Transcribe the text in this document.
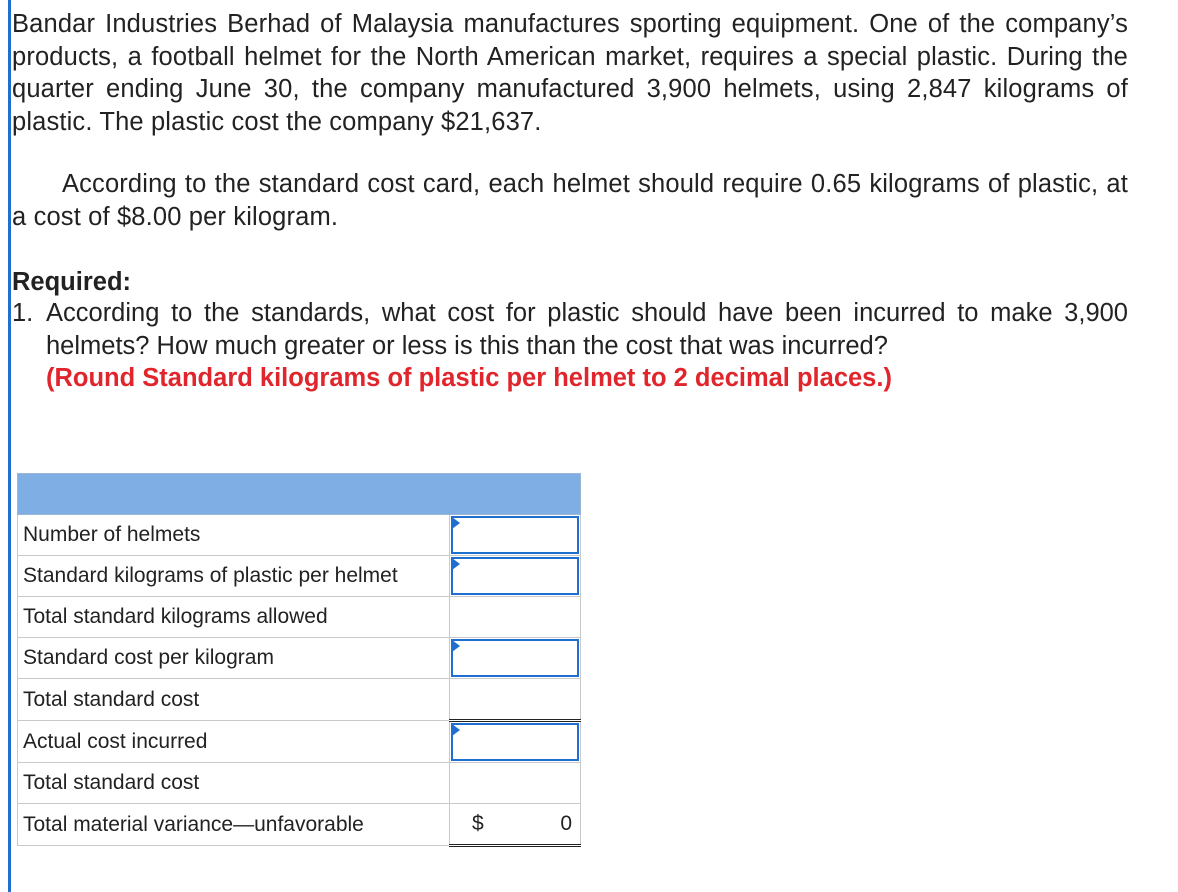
Bandar Industries Berhad of Malaysia manufactures sporting equipment. One of the company’s products, a football helmet for the North American market, requires a special plastic. During the quarter ending June 30, the company manufactured 3,900 helmets, using 2,847 kilograms of plastic. The plastic cost the company $21,637.

According to the standard cost card, each helmet should require 0.65 kilograms of plastic, at a cost of $8.00 per kilogram.

Required:
1. According to the standards, what cost for plastic should have been incurred to make 3,900 helmets? How much greater or less is this than the cost that was incurred?
(Round Standard kilograms of plastic per helmet to 2 decimal places.)

Number of helmets	

Standard kilograms of plastic per helmet	

Total standard kilograms allowed	

Standard cost per kilogram	

Total standard cost	

Actual cost incurred	

Total standard cost	

Total material variance—unfavorable	$ 0
